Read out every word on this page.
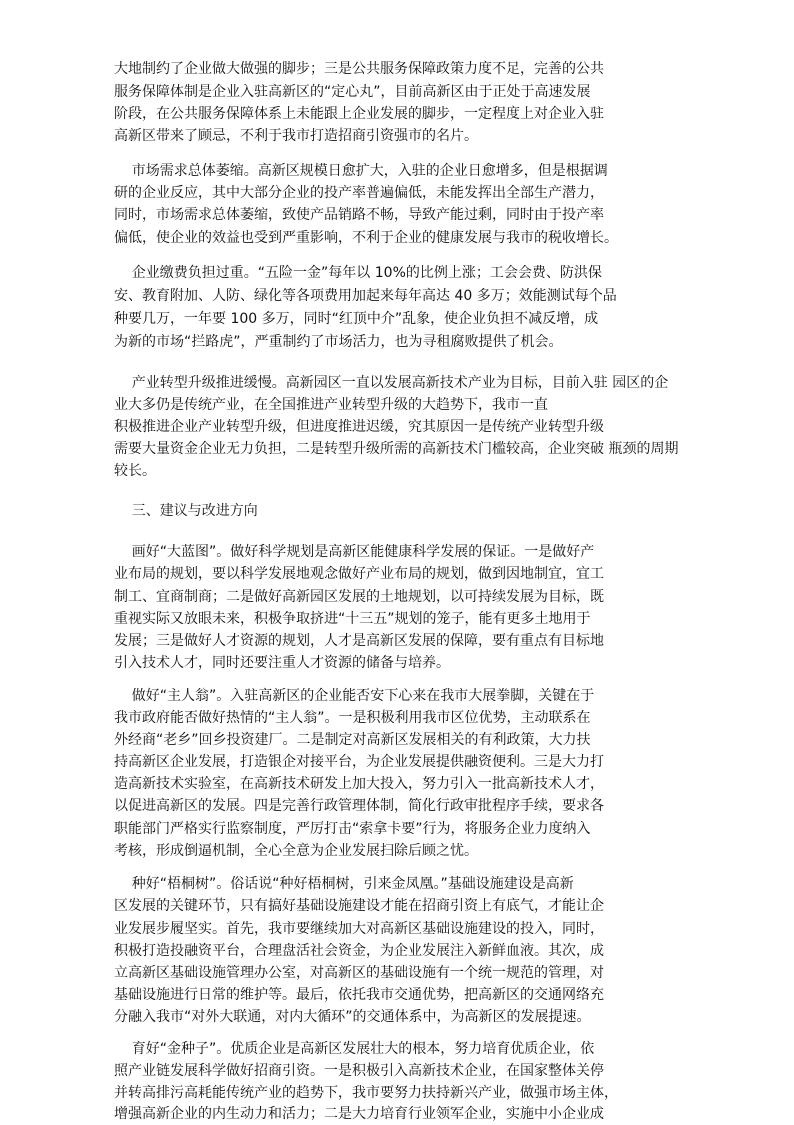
大地制约了企业做大做强的脚步；三是公共服务保障政策力度不足，完善的公共
服务保障体制是企业入驻高新区的“定心丸”，目前高新区由于正处于高速发展
阶段，在公共服务保障体系上未能跟上企业发展的脚步，一定程度上对企业入驻
高新区带来了顾忌，不利于我市打造招商引资强市的名片。
市场需求总体萎缩。高新区规模日愈扩大，入驻的企业日愈增多，但是根据调
研的企业反应，其中大部分企业的投产率普遍偏低，未能发挥出全部生产潜力，
同时，市场需求总体萎缩，致使产品销路不畅，导致产能过剩，同时由于投产率
偏低，使企业的效益也受到严重影响，不利于企业的健康发展与我市的税收增长。
企业缴费负担过重。“五险一金”每年以 10%的比例上涨；工会会费、防洪保
安、教育附加、人防、绿化等各项费用加起来每年高达 40 多万；效能测试每个品
种要几万，一年要 100 多万，同时“红顶中介”乱象，使企业负担不减反增，成
为新的市场“拦路虎”，严重制约了市场活力，也为寻租腐败提供了机会。
产业转型升级推进缓慢。高新园区一直以发展高新技术产业为目标，目前入驻 园区的企
业大多仍是传统产业，在全国推进产业转型升级的大趋势下，我市一直
积极推进企业产业转型升级，但进度推进迟缓，究其原因一是传统产业转型升级
需要大量资金企业无力负担，二是转型升级所需的高新技术门槛较高，企业突破 瓶颈的周期
较长。
三、建议与改进方向
画好“大蓝图”。做好科学规划是高新区能健康科学发展的保证。一是做好产
业布局的规划，要以科学发展地观念做好产业布局的规划，做到因地制宜，宜工
制工、宜商制商；二是做好高新园区发展的土地规划，以可持续发展为目标，既
重视实际又放眼未来，积极争取挤进“十三五”规划的笼子，能有更多土地用于
发展；三是做好人才资源的规划，人才是高新区发展的保障，要有重点有目标地
引入技术人才，同时还要注重人才资源的储备与培养。
做好“主人翁”。入驻高新区的企业能否安下心来在我市大展拳脚，关键在于
我市政府能否做好热情的“主人翁”。一是积极利用我市区位优势，主动联系在
外经商“老乡”回乡投资建厂。二是制定对高新区发展相关的有利政策，大力扶
持高新区企业发展，打造银企对接平台，为企业发展提供融资便利。三是大力打
造高新技术实验室，在高新技术研发上加大投入，努力引入一批高新技术人才，
以促进高新区的发展。四是完善行政管理体制，简化行政审批程序手续，要求各
职能部门严格实行监察制度，严厉打击“索拿卡要”行为，将服务企业力度纳入
考核，形成倒逼机制，全心全意为企业发展扫除后顾之忧。
种好“梧桐树”。俗话说“种好梧桐树，引来金凤凰。”基础设施建设是高新
区发展的关键环节，只有搞好基础设施建设才能在招商引资上有底气，才能让企
业发展步履坚实。首先，我市要继续加大对高新区基础设施建设的投入，同时，
积极打造投融资平台，合理盘活社会资金，为企业发展注入新鲜血液。其次，成
立高新区基础设施管理办公室，对高新区的基础设施有一个统一规范的管理，对
基础设施进行日常的维护等。最后，依托我市交通优势，把高新区的交通网络充
分融入我市“对外大联通，对内大循环”的交通体系中，为高新区的发展提速。
育好“金种子”。优质企业是高新区发展壮大的根本，努力培育优质企业，依
照产业链发展科学做好招商引资。一是积极引入高新技术企业，在国家整体关停
并转高排污高耗能传统产业的趋势下，我市要努力扶持新兴产业，做强市场主体，
增强高新企业的内生动力和活力；二是大力培育行业领军企业，实施中小企业成
